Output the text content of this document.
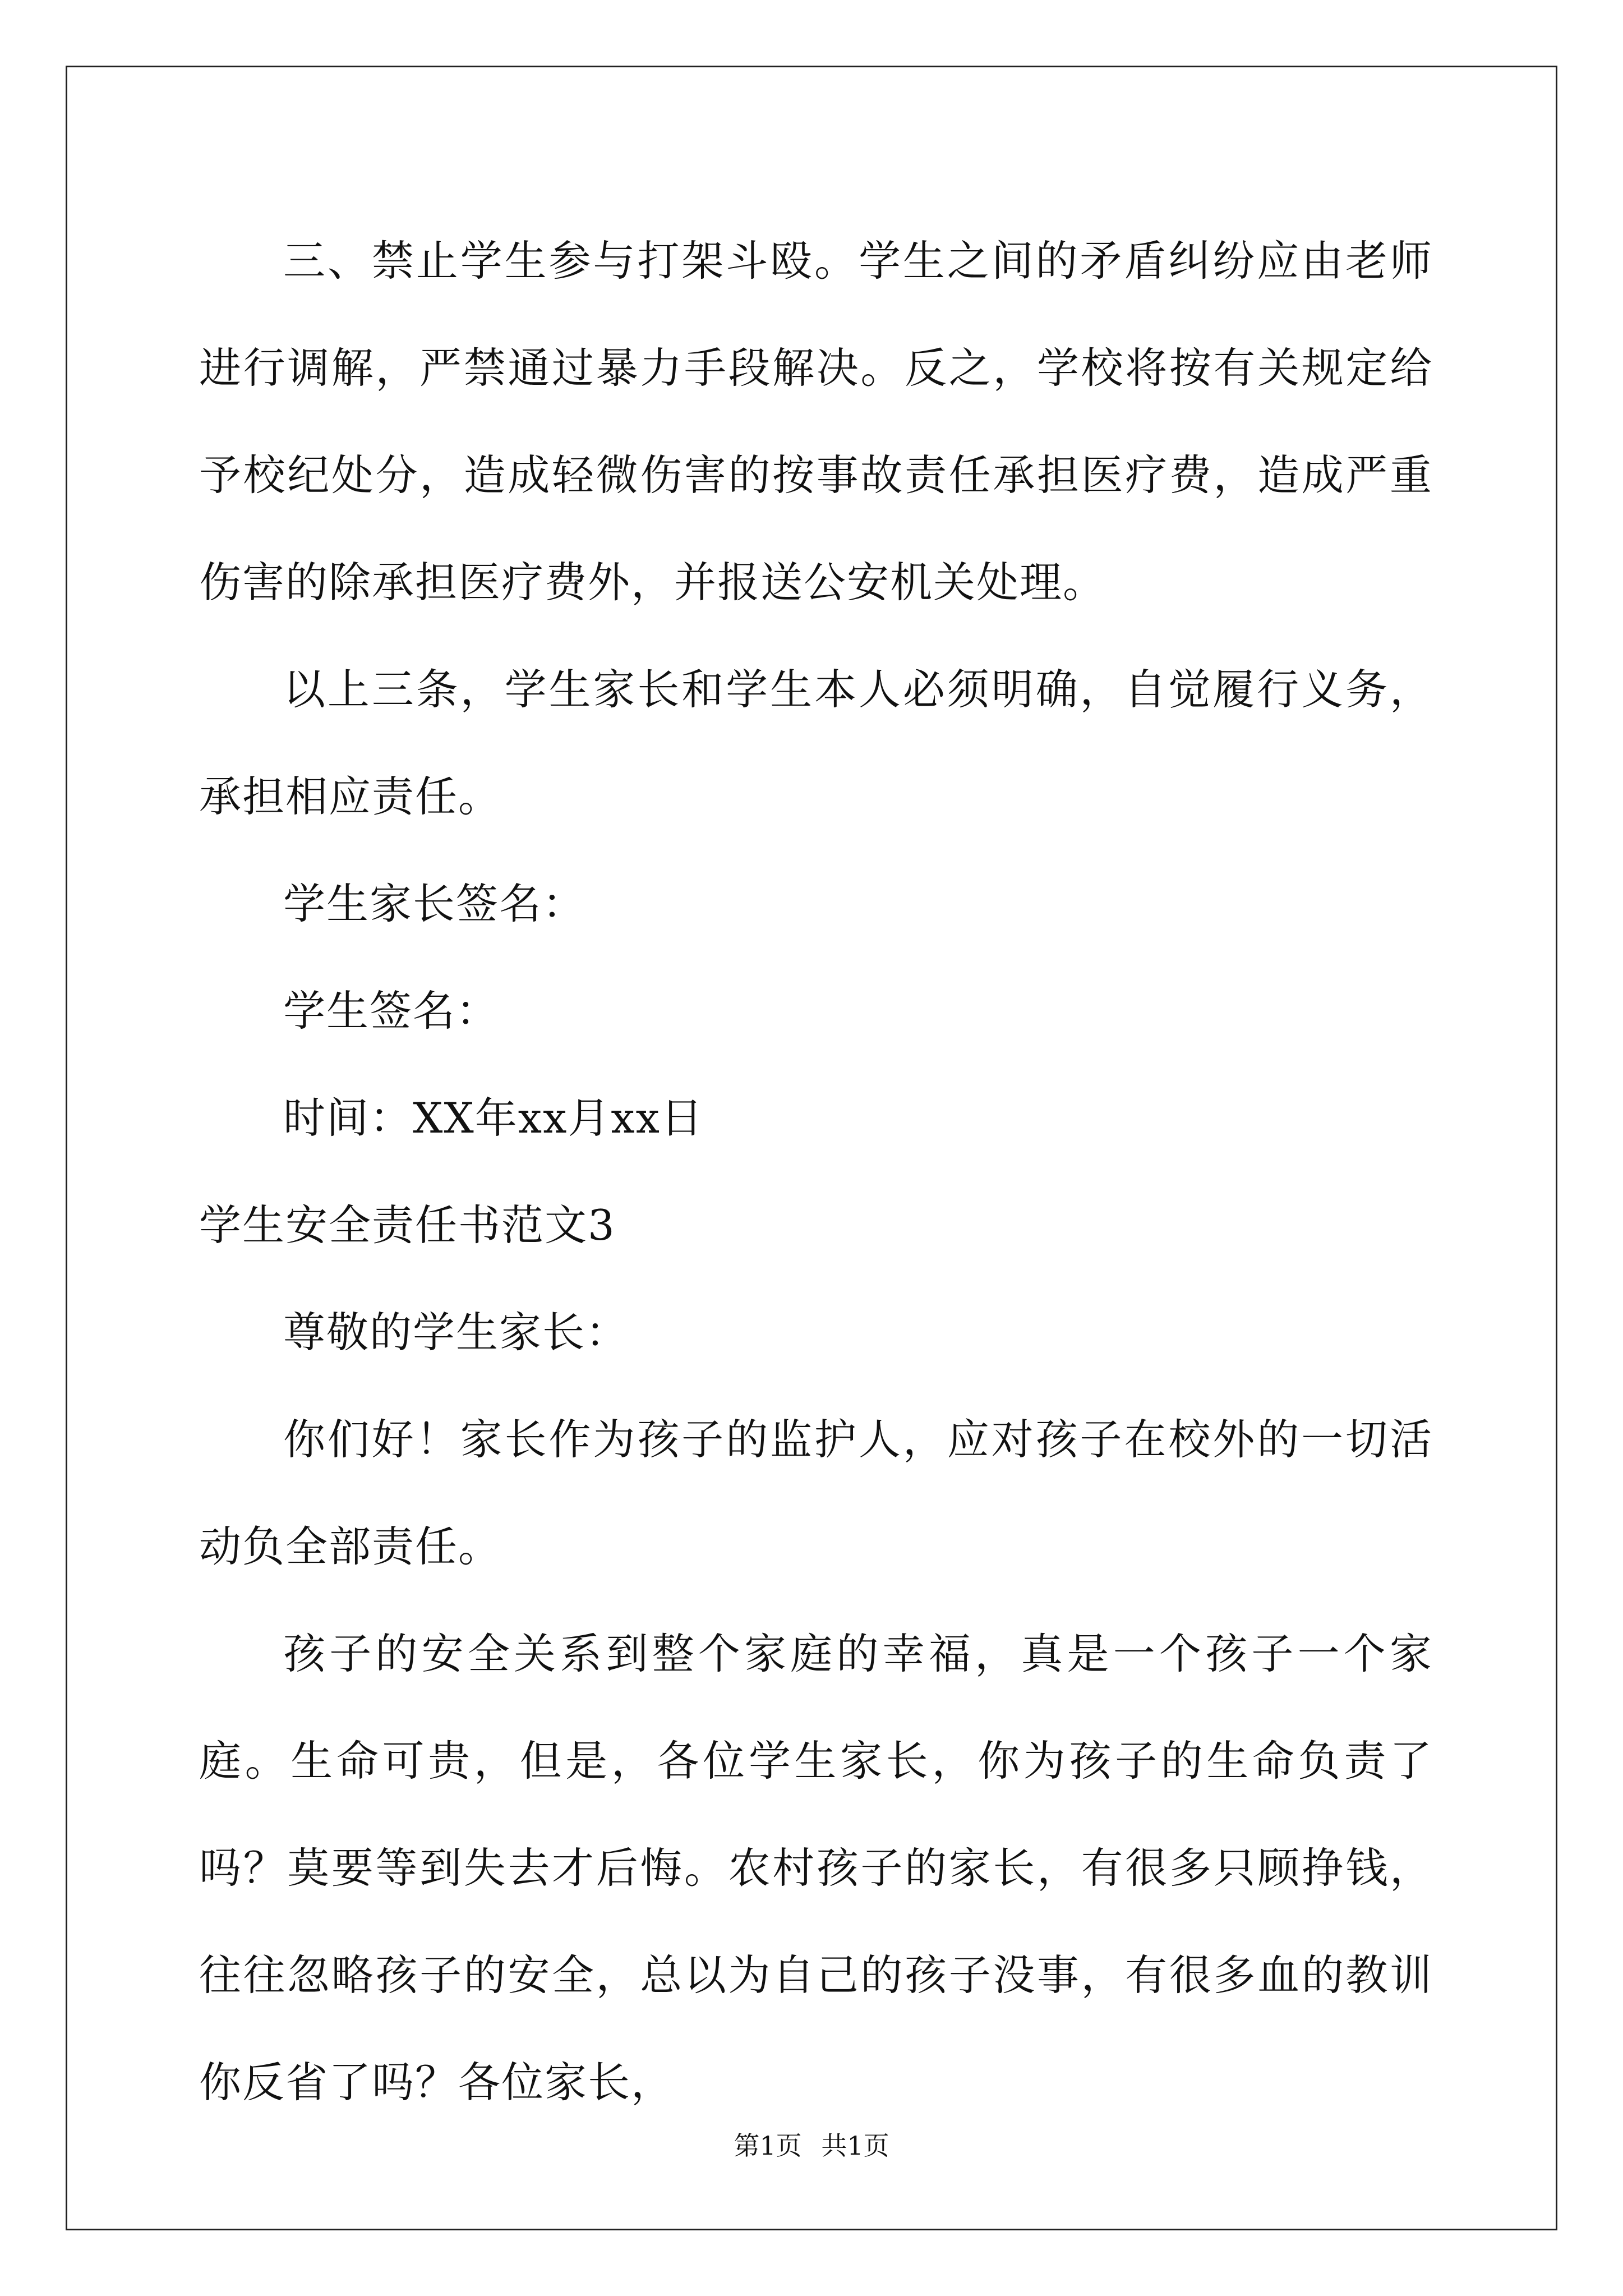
三、禁止学生参与打架斗殴。学生之间的矛盾纠纷应由老师进行调解，严禁通过暴力手段解决。反之，学校将按有关规定给予校纪处分，造成轻微伤害的按事故责任承担医疗费，造成严重伤害的除承担医疗费外，并报送公安机关处理。

以上三条，学生家长和学生本人必须明确，自觉履行义务，承担相应责任。

学生家长签名：

学生签名：

时间：XX年xx月xx日

学生安全责任书范文3

尊敬的学生家长：

你们好！家长作为孩子的监护人，应对孩子在校外的一切活动负全部责任。

孩子的安全关系到整个家庭的幸福，真是一个孩子一个家庭。生命可贵，但是，各位学生家长，你为孩子的生命负责了吗？莫要等到失去才后悔。农村孩子的家长，有很多只顾挣钱，往往忽略孩子的安全，总以为自己的孩子没事，有很多血的教训你反省了吗？各位家长，

第1页 共1页
